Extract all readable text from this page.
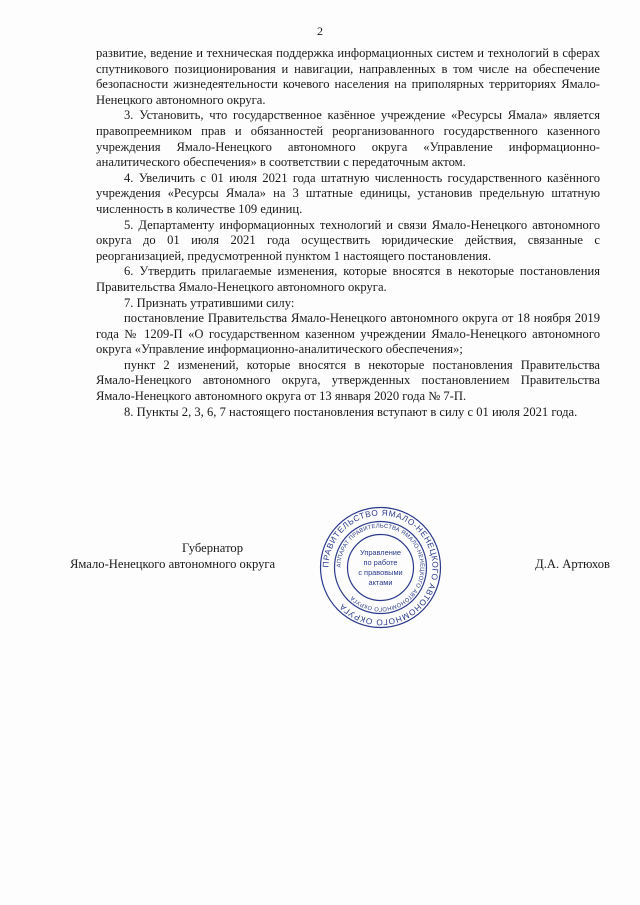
2

развитие, ведение и техническая поддержка информационных систем и технологий в сферах спутникового позиционирования и навигации, направленных в том числе на обеспечение безопасности жизнедеятельности кочевого населения на приполярных территориях Ямало-Ненецкого автономного округа.

3. Установить, что государственное казённое учреждение «Ресурсы Ямала» является правопреемником прав и обязанностей реорганизованного государственного казенного учреждения Ямало-Ненецкого автономного округа «Управление информационно-аналитического обеспечения» в соответствии с передаточным актом.

4. Увеличить с 01 июля 2021 года штатную численность государственного казённого учреждения «Ресурсы Ямала» на 3 штатные единицы, установив предельную штатную численность в количестве 109 единиц.

5. Департаменту информационных технологий и связи Ямало-Ненецкого автономного округа до 01 июля 2021 года осуществить юридические действия, связанные с реорганизацией, предусмотренной пунктом 1 настоящего постановления.

6. Утвердить прилагаемые изменения, которые вносятся в некоторые постановления Правительства Ямало-Ненецкого автономного округа.

7. Признать утратившими силу:

постановление Правительства Ямало-Ненецкого автономного округа от 18 ноября 2019 года № 1209-П «О государственном казенном учреждении Ямало-Ненецкого автономного округа «Управление информационно-аналитического обеспечения»;

пункт 2 изменений, которые вносятся в некоторые постановления Правительства Ямало-Ненецкого автономного округа, утвержденных постановлением Правительства Ямало-Ненецкого автономного округа от 13 января 2020 года № 7-П.

8. Пункты 2, 3, 6, 7 настоящего постановления вступают в силу с 01 июля 2021 года.

Губернатор
Ямало-Ненецкого автономного округа	Д.А. Артюхов
ПРАВИТЕЛЬСТВО ЯМАЛО-НЕНЕЦКОГО АВТОНОМНОГО ОКРУГА
АППАРАТ ПРАВИТЕЛЬСТВА ЯМАЛО-НЕНЕЦКОГО АВТОНОМНОГО ОКРУГА
Управление
по работе
с правовыми
актами
